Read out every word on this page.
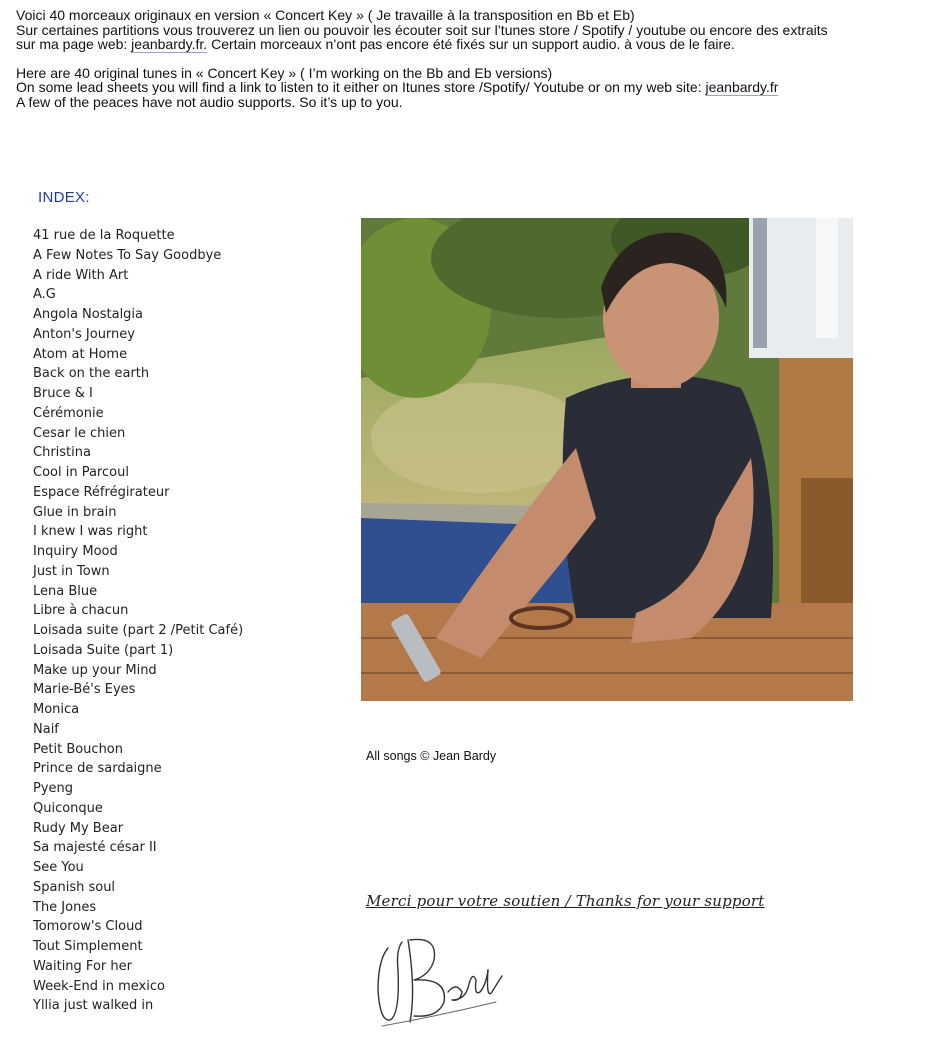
Voici 40 morceaux originaux en version « Concert Key » ( Je travaille à la transposition en Bb et Eb)

Sur certaines partitions vous trouverez un lien ou pouvoir les écouter soit sur l’tunes store / Spotify / youtube ou encore des extraits

sur ma page web: jeanbardy.fr. Certain morceaux n’ont pas encore été fixés sur un support audio. à vous de le faire.

Here are 40 original tunes in « Concert Key » ( I’m working on the Bb and Eb versions)

On some lead sheets you will find a link to listen to it either on Itunes store /Spotify/ Youtube or on my web site: jeanbardy.fr

A few of the peaces have not audio supports. So it’s up to you.

INDEX:
41 rue de la Roquette
A Few Notes To Say Goodbye
A ride With Art
A.G
Angola Nostalgia
Anton's Journey
Atom at Home
Back on the earth
Bruce & I
Cérémonie
Cesar le chien
Christina
Cool in Parcoul
Espace Réfrégirateur
Glue in brain
I knew I was right
Inquiry Mood
Just in Town
Lena Blue
Libre à chacun
Loisada suite (part 2 /Petit Café)
Loisada Suite (part 1)
Make up your Mind
Marie-Bé's Eyes
Monica
Naif
Petit Bouchon
Prince de sardaigne
Pyeng
Quiconque
Rudy My Bear
Sa majesté césar II
See You
Spanish soul
The Jones
Tomorow's Cloud
Tout Simplement
Waiting For her
Week-End in mexico
Yllia just walked in
All songs © Jean Bardy
Merci pour votre soutien / Thanks for your support
